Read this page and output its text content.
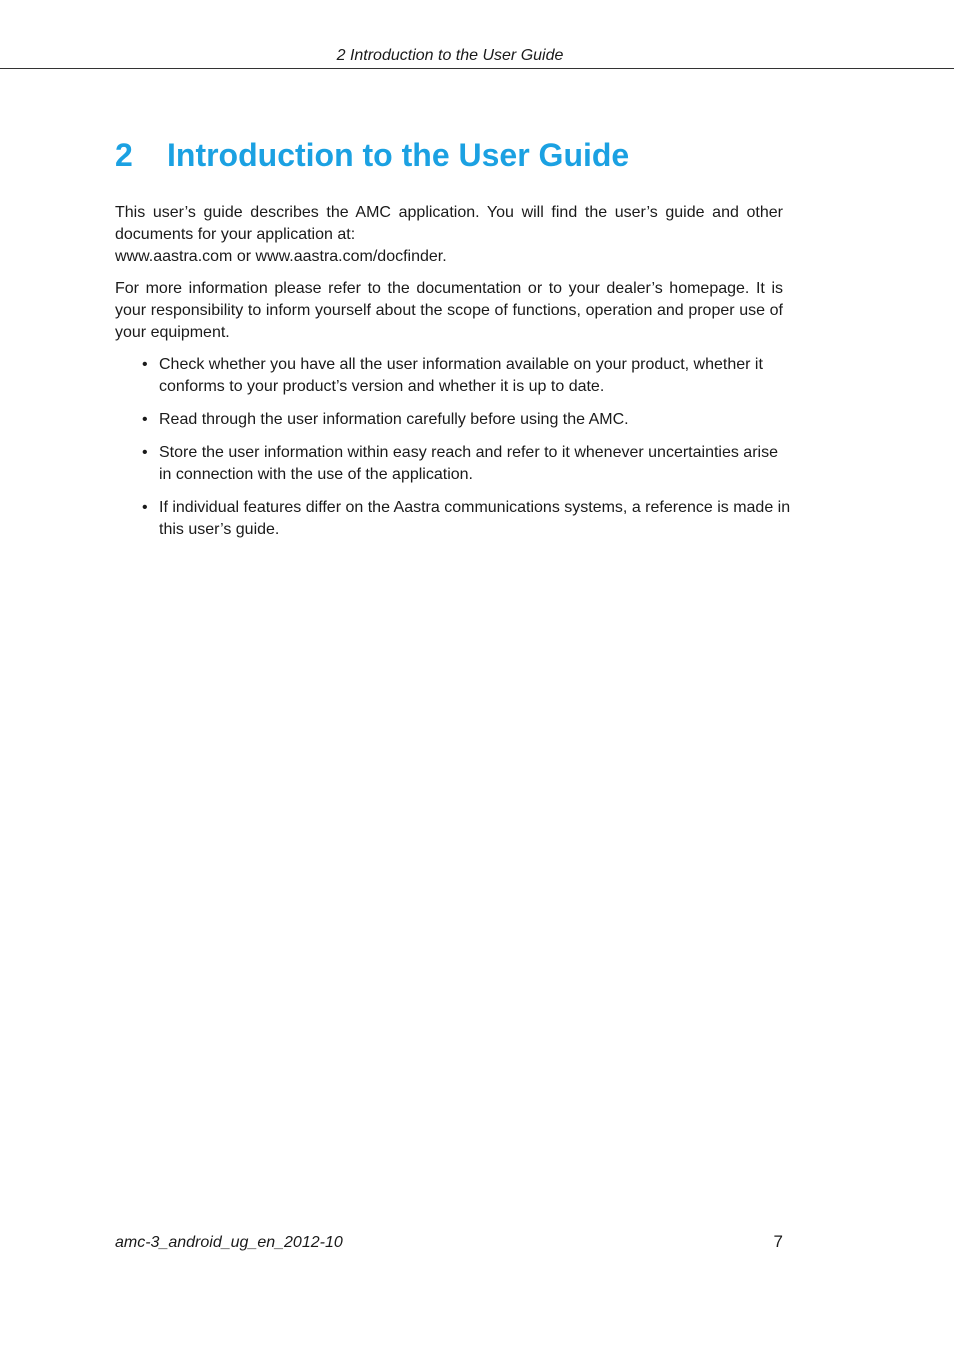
2 Introduction to the User Guide
2 Introduction to the User Guide

This user’s guide describes the AMC application. You will find the user’s guide and other documents for your application at:
www.aastra.com or www.aastra.com/docfinder.

For more information please refer to the documentation or to your dealer’s homepage. It is your responsibility to inform yourself about the scope of functions, operation and proper use of your equipment.

• Check whether you have all the user information available on your product, whether it conforms to your product’s version and whether it is up to date.
• Read through the user information carefully before using the AMC.
• Store the user information within easy reach and refer to it whenever uncertainties arise in connection with the use of the application.
• If individual features differ on the Aastra communications systems, a reference is made in this user’s guide.
amc-3_android_ug_en_2012-10	7
